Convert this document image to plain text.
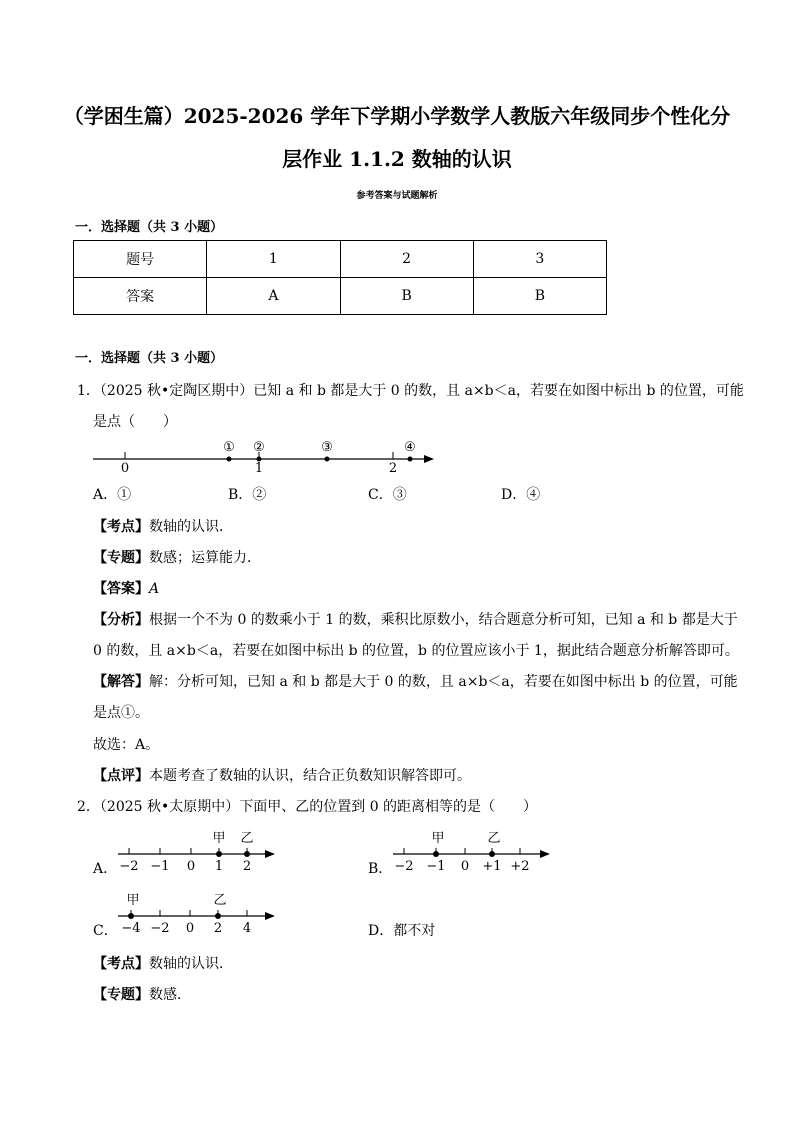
（学困生篇）2025-2026 学年下学期小学数学人教版六年级同步个性化分
层作业 1.1.2 数轴的认识
参考答案与试题解析
一．选择题（共 3 小题）
题号	1	2	3
答案	A	B	B
一．选择题（共 3 小题）
1．（2025 秋•定陶区期中）已知 a 和 b 都是大于 0 的数，且 a×b＜a，若要在如图中标出 b 的位置，可能
是点（　　）
0	1	2
① ②	③	④
A．①	B．②	C．③	D．④
【考点】数轴的认识．
【专题】数感；运算能力．
【答案】A
【分析】根据一个不为 0 的数乘小于 1 的数，乘积比原数小，结合题意分析可知，已知 a 和 b 都是大于
0 的数，且 a×b＜a，若要在如图中标出 b 的位置，b 的位置应该小于 1，据此结合题意分析解答即可。
【解答】解：分析可知，已知 a 和 b 都是大于 0 的数，且 a×b＜a，若要在如图中标出 b 的位置，可能
是点①。
故选：A。
【点评】本题考查了数轴的认识，结合正负数知识解答即可。
2．（2025 秋•太原期中）下面甲、乙的位置到 0 的距离相等的是（　　）
A． −2 −1 0 1 2
甲 乙
B． −2 −1 0 +1 +2
甲	乙
C． −4 −2 0 2 4
甲	乙
D．都不对
【考点】数轴的认识．
【专题】数感．
